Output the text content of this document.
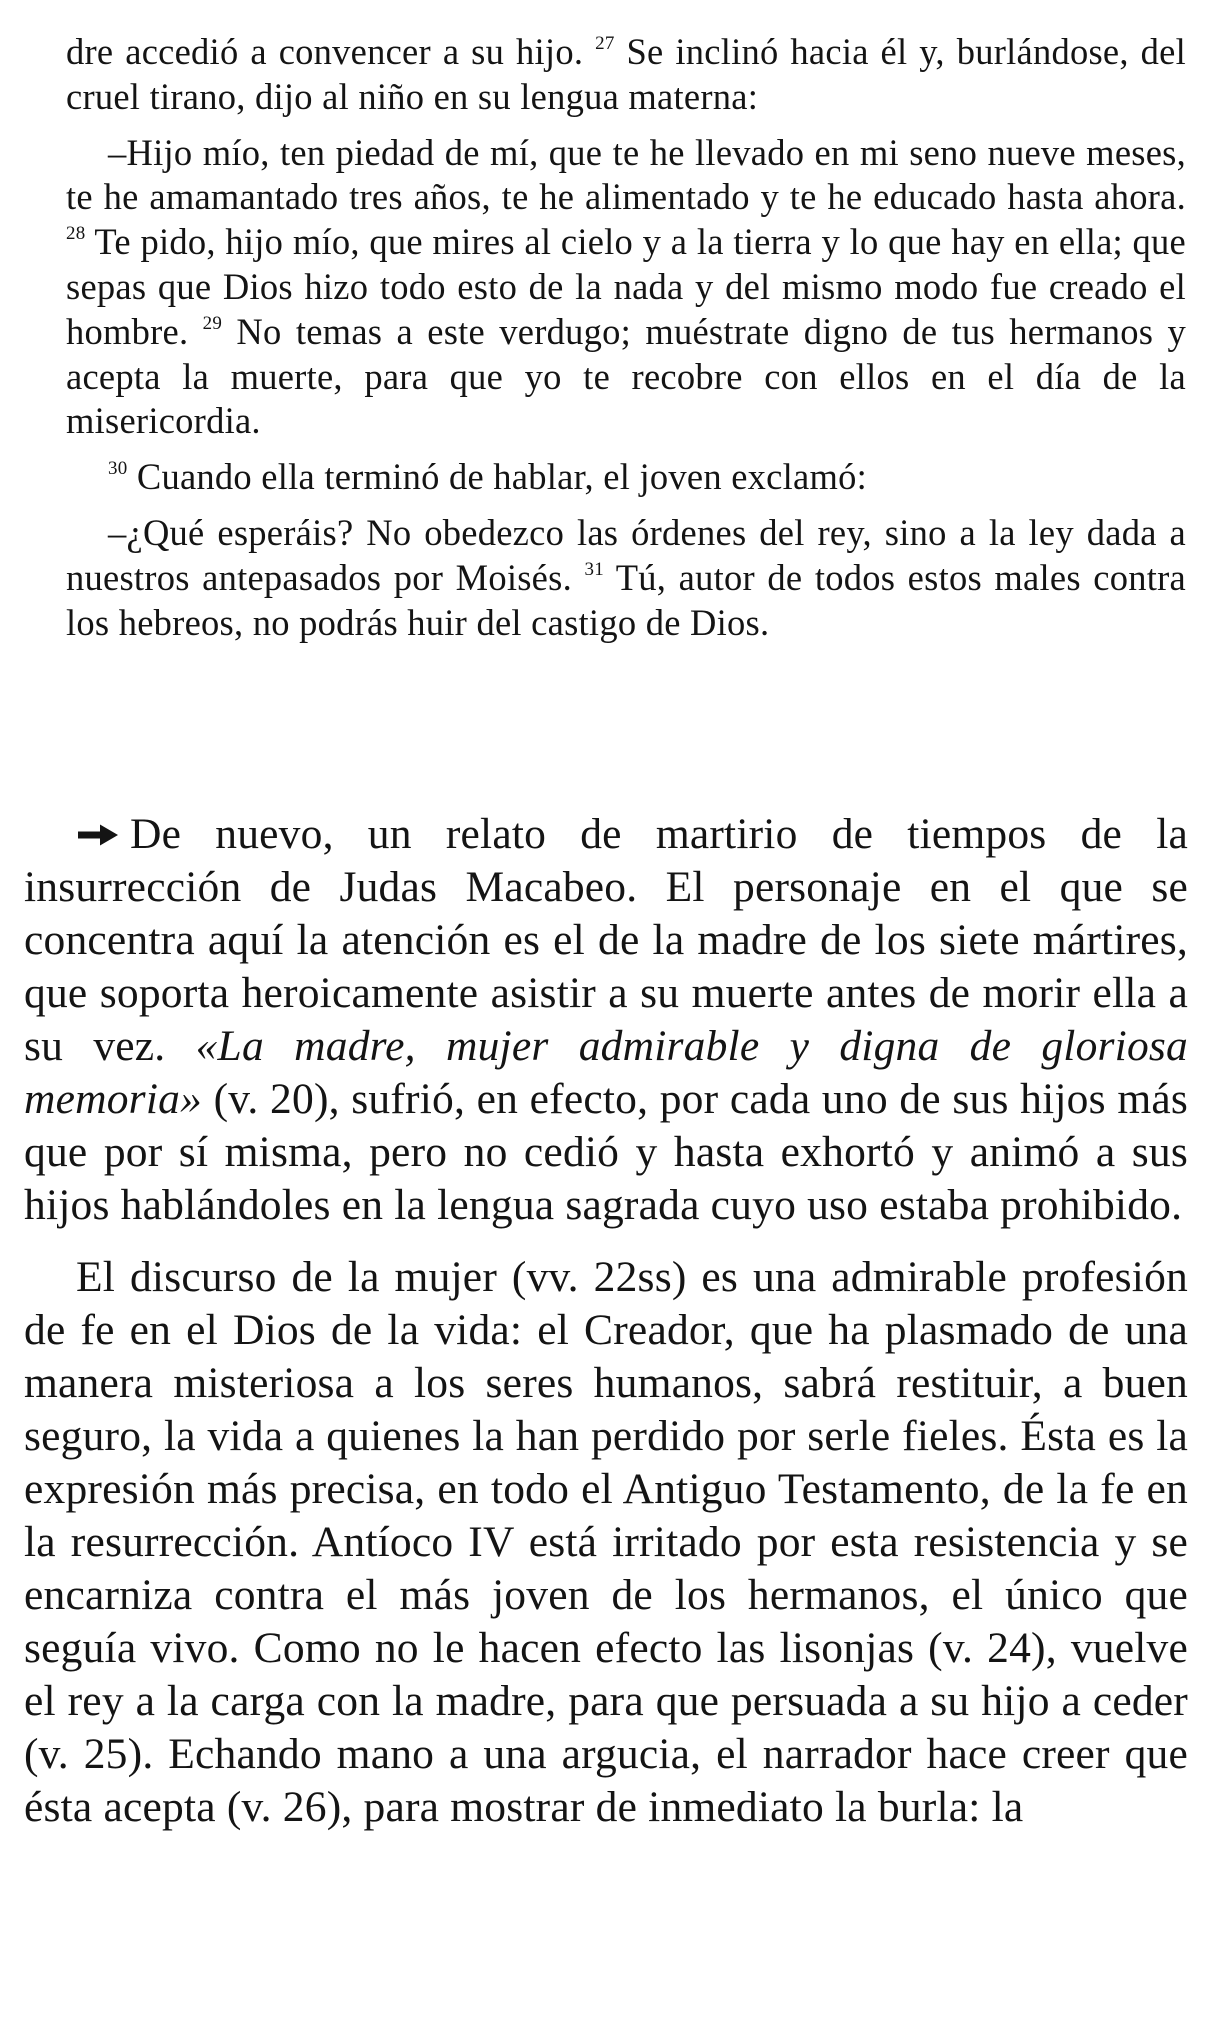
dre accedió a convencer a su hijo. $^{27}$ Se inclinó hacia él y, burlándose, del cruel tirano, dijo al niño en su lengua materna:

–Hijo mío, ten piedad de mí, que te he llevado en mi seno nueve meses, te he amamantado tres años, te he alimentado y te he educado hasta ahora. $^{28}$ Te pido, hijo mío, que mires al cielo y a la tierra y lo que hay en ella; que sepas que Dios hizo todo esto de la nada y del mismo modo fue creado el hombre. $^{29}$ No temas a este verdugo; muéstrate digno de tus hermanos y acepta la muerte, para que yo te recobre con ellos en el día de la misericordia.

$^{30}$ Cuando ella terminó de hablar, el joven exclamó:

–¿Qué esperáis? No obedezco las órdenes del rey, sino a la ley dada a nuestros antepasados por Moisés. $^{31}$ Tú, autor de todos estos males contra los hebreos, no podrás huir del castigo de Dios.

De nuevo, un relato de martirio de tiempos de la insurrección de Judas Macabeo. El personaje en el que se concentra aquí la atención es el de la madre de los siete mártires, que soporta heroicamente asistir a su muerte antes de morir ella a su vez. «La madre, mujer admirable y digna de gloriosa memoria» (v. 20), sufrió, en efecto, por cada uno de sus hijos más que por sí misma, pero no cedió y hasta exhortó y animó a sus hijos hablándoles en la lengua sagrada cuyo uso estaba prohibido.

El discurso de la mujer (vv. 22ss) es una admirable profesión de fe en el Dios de la vida: el Creador, que ha plasmado de una manera misteriosa a los seres humanos, sabrá restituir, a buen seguro, la vida a quienes la han perdido por serle fieles. Ésta es la expresión más precisa, en todo el Antiguo Testamento, de la fe en la resurrección. Antíoco IV está irritado por esta resistencia y se encarniza contra el más joven de los hermanos, el único que seguía vivo. Como no le hacen efecto las lisonjas (v. 24), vuelve el rey a la carga con la madre, para que persuada a su hijo a ceder (v. 25). Echando mano a una argucia, el narrador hace creer que ésta acepta (v. 26), para mostrar de inmediato la burla: la
